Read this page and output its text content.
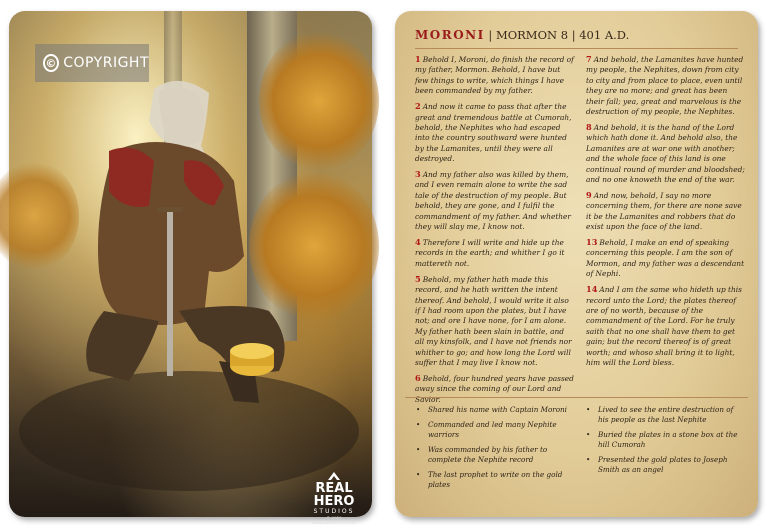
© COPYRIGHT
REAL HERO
STUDIOS
© 2015 REALHEROSTUDIOS
MORONI | MORMON 8 | 401 A.D.

1 Behold I, Moroni, do finish the record of my father, Mormon. Behold, I have but few things to write, which things I have been commanded by my father.

2 And now it came to pass that after the great and tremendous battle at Cumorah, behold, the Nephites who had escaped into the country southward were hunted by the Lamanites, until they were all destroyed.

3 And my father also was killed by them, and I even remain alone to write the sad tale of the destruction of my people. But behold, they are gone, and I fulfil the commandment of my father. And whether they will slay me, I know not.

4 Therefore I will write and hide up the records in the earth; and whither I go it mattereth not.

5 Behold, my father hath made this record, and he hath written the intent thereof. And behold, I would write it also if I had room upon the plates, but I have not; and ore I have none, for I am alone. My father hath been slain in battle, and all my kinsfolk, and I have not friends nor whither to go; and how long the Lord will suffer that I may live I know not.

6 Behold, four hundred years have passed away since the coming of our Lord and Savior.

7 And behold, the Lamanites have hunted my people, the Nephites, down from city to city and from place to place, even until they are no more; and great has been their fall; yea, great and marvelous is the destruction of my people, the Nephites.

8 And behold, it is the hand of the Lord which hath done it. And behold also, the Lamanites are at war one with another; and the whole face of this land is one continual round of murder and bloodshed; and no one knoweth the end of the war.

9 And now, behold, I say no more concerning them, for there are none save it be the Lamanites and robbers that do exist upon the face of the land.

13 Behold, I make an end of speaking concerning this people. I am the son of Mormon, and my father was a descendant of Nephi.

14 And I am the same who hideth up this record unto the Lord; the plates thereof are of no worth, because of the commandment of the Lord. For he truly saith that no one shall have them to get gain; but the record thereof is of great worth; and whoso shall bring it to light, him will the Lord bless.

• Shared his name with Captain Moroni
• Commanded and led many Nephite warriors
• Was commanded by his father to complete the Nephite record
• The last prophet to write on the gold plates
• Lived to see the entire destruction of his people as the last Nephite
• Buried the plates in a stone box at the hill Cumorah
• Presented the gold plates to Joseph Smith as an angel
